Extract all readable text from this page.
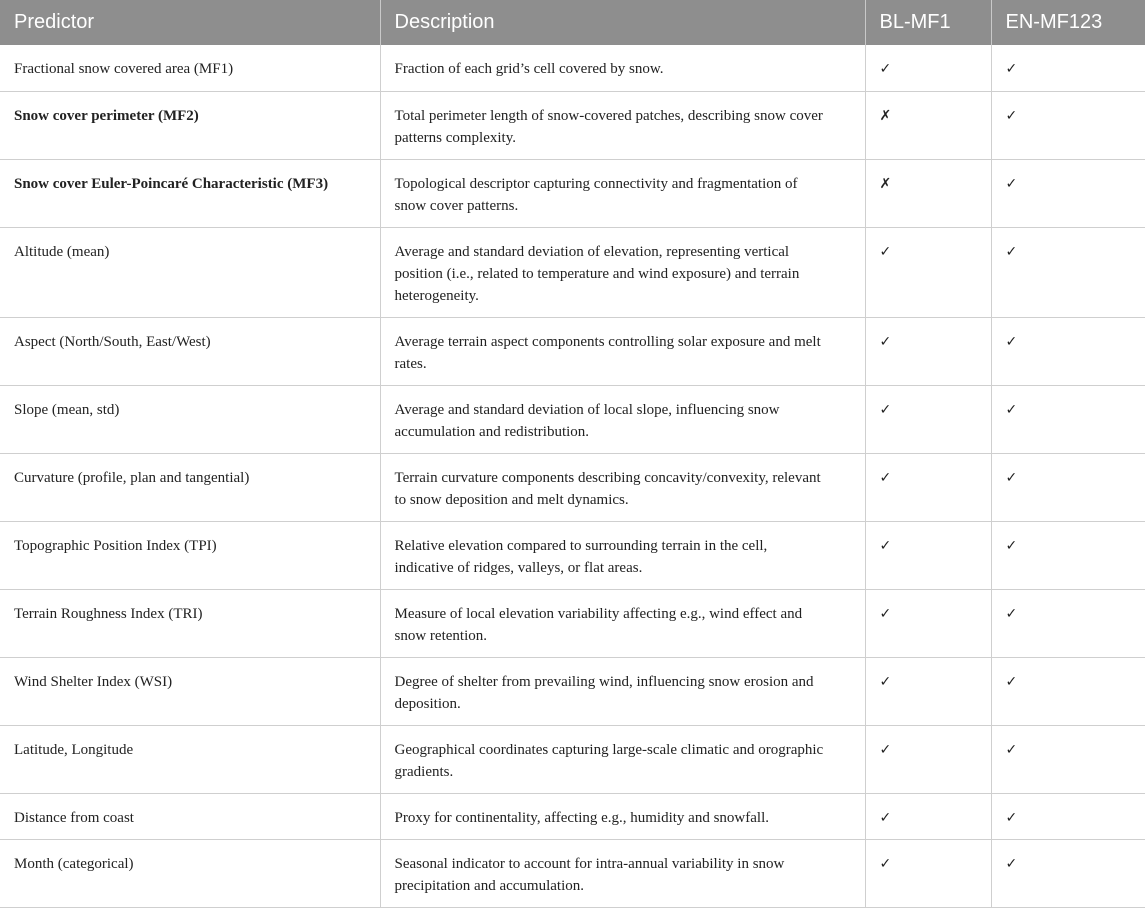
Predictor	Description	BL-MF1	EN-MF123
Fractional snow covered area (MF1)	Fraction of each grid’s cell covered by snow.	✓	✓
Snow cover perimeter (MF2)	Total perimeter length of snow-covered patches, describing snow cover patterns complexity.	✗	✓
Snow cover Euler-Poincaré Characteristic (MF3)	Topological descriptor capturing connectivity and fragmentation of snow cover patterns.	✗	✓
Altitude (mean)	Average and standard deviation of elevation, representing vertical position (i.e., related to temperature and wind exposure) and terrain heterogeneity.	✓	✓
Aspect (North/South, East/West)	Average terrain aspect components controlling solar exposure and melt rates.	✓	✓
Slope (mean, std)	Average and standard deviation of local slope, influencing snow accumulation and redistribution.	✓	✓
Curvature (profile, plan and tangential)	Terrain curvature components describing concavity/convexity, relevant to snow deposition and melt dynamics.	✓	✓
Topographic Position Index (TPI)	Relative elevation compared to surrounding terrain in the cell, indicative of ridges, valleys, or flat areas.	✓	✓
Terrain Roughness Index (TRI)	Measure of local elevation variability affecting e.g., wind effect and snow retention.	✓	✓
Wind Shelter Index (WSI)	Degree of shelter from prevailing wind, influencing snow erosion and deposition.	✓	✓
Latitude, Longitude	Geographical coordinates capturing large-scale climatic and orographic gradients.	✓	✓
Distance from coast	Proxy for continentality, affecting e.g., humidity and snowfall.	✓	✓
Month (categorical)	Seasonal indicator to account for intra-annual variability in snow precipitation and accumulation.	✓	✓
